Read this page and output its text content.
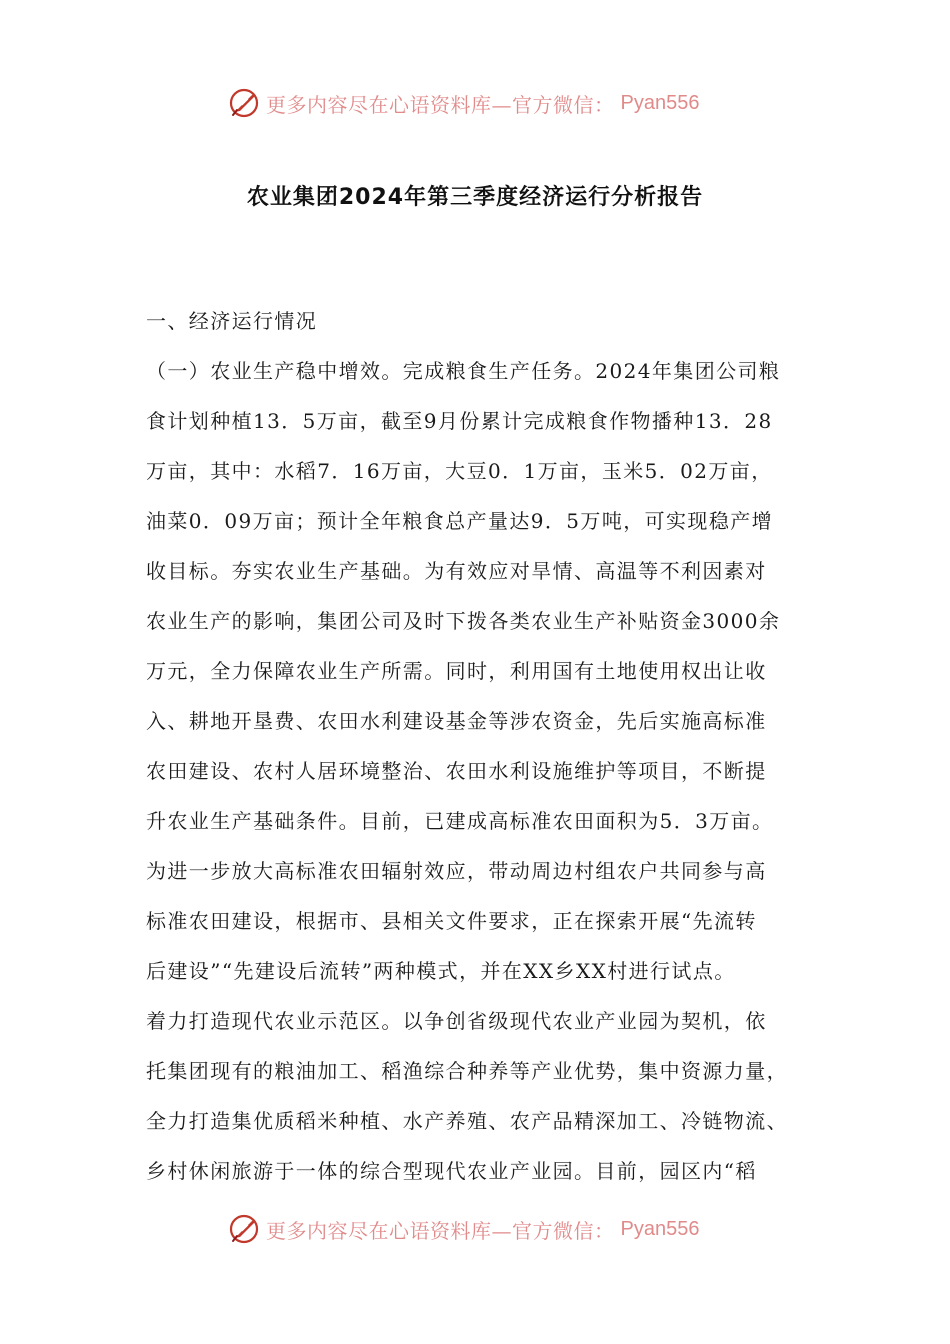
更多内容尽在心语资料库—官方微信： Pyan556
农业集团2024年第三季度经济运行分析报告
一、经济运行情况
（一）农业生产稳中增效。完成粮食生产任务。2024年集团公司粮
食计划种植13．5万亩，截至9月份累计完成粮食作物播种13．28
万亩，其中：水稻7．16万亩，大豆0．1万亩，玉米5．02万亩，
油菜0．09万亩；预计全年粮食总产量达9．5万吨，可实现稳产增
收目标。夯实农业生产基础。为有效应对旱情、高温等不利因素对
农业生产的影响，集团公司及时下拨各类农业生产补贴资金3000余
万元，全力保障农业生产所需。同时，利用国有土地使用权出让收
入、耕地开垦费、农田水利建设基金等涉农资金，先后实施高标准
农田建设、农村人居环境整治、农田水利设施维护等项目，不断提
升农业生产基础条件。目前，已建成高标准农田面积为5．3万亩。
为进一步放大高标准农田辐射效应，带动周边村组农户共同参与高
标准农田建设，根据市、县相关文件要求，正在探索开展“先流转
后建设”“先建设后流转”两种模式，并在XX乡XX村进行试点。
着力打造现代农业示范区。以争创省级现代农业产业园为契机，依
托集团现有的粮油加工、稻渔综合种养等产业优势，集中资源力量，
全力打造集优质稻米种植、水产养殖、农产品精深加工、冷链物流、
乡村休闲旅游于一体的综合型现代农业产业园。目前，园区内“稻
更多内容尽在心语资料库—官方微信： Pyan556
